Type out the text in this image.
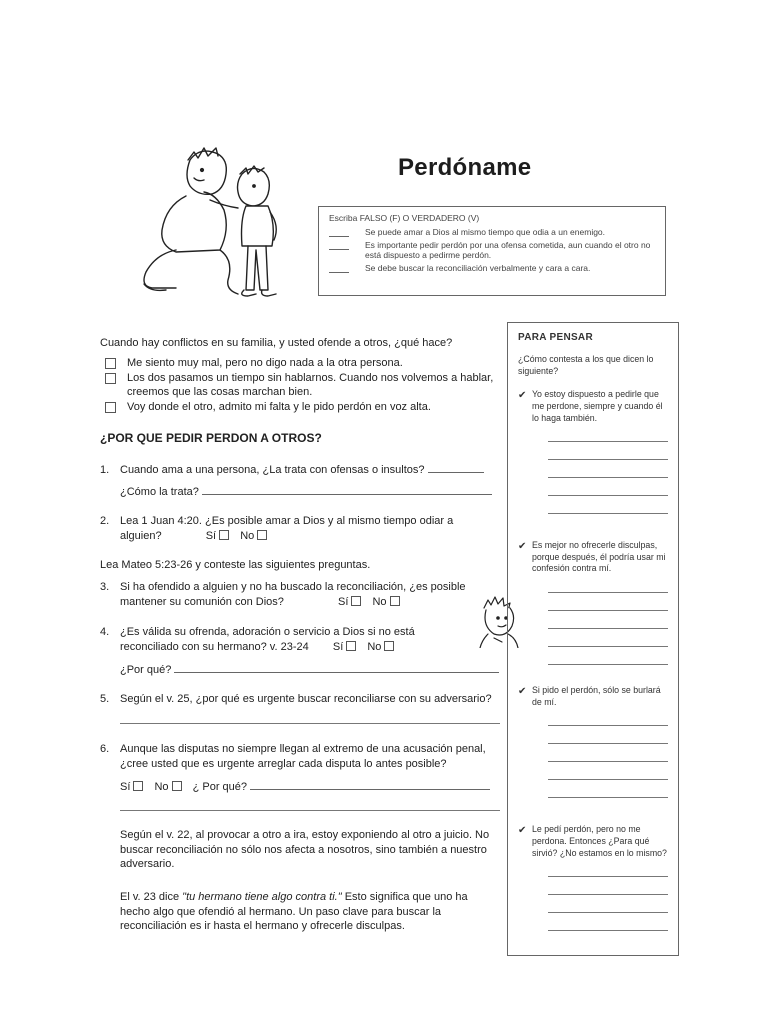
Perdóname
Escriba FALSO (F) O VERDADERO (V)
Se puede amar a Dios al mismo tiempo que odia a un enemigo.
Es importante pedir perdón por una ofensa cometida, aun cuando el otro no está dispuesto a pedirme perdón.
Se debe buscar la reconciliación verbalmente y cara a cara.
Cuando hay conflictos en su familia, y usted ofende a otros, ¿qué hace?
Me siento muy mal, pero no digo nada a la otra persona.
Los dos pasamos un tiempo sin hablarnos. Cuando nos volvemos a hablar, creemos que las cosas marchan bien.
Voy donde el otro, admito mi falta y le pido perdón en voz alta.
¿POR QUE PEDIR PERDON A OTROS?
1. Cuando ama a una persona, ¿La trata con ofensas o insultos?
¿Cómo la trata?
2. Lea 1 Juan 4:20. ¿Es posible amar a Dios y al mismo tiempo odiar a
alguien?	Sí No
Lea Mateo 5:23-26 y conteste las siguientes preguntas.
3. Si ha ofendido a alguien y no ha buscado la reconciliación, ¿es posible
mantener su comunión con Dios?	Sí No
4. ¿Es válida su ofrenda, adoración o servicio a Dios si no está
reconciliado con su hermano? v. 23-24 Sí No
¿Por qué?
5. Según el v. 25, ¿por qué es urgente buscar reconciliarse con su adversario?
6. Aunque las disputas no siempre llegan al extremo de una acusación penal,
¿cree usted que es urgente arreglar cada disputa lo antes posible?
Sí No ¿ Por qué?
Según el v. 22, al provocar a otro a ira, estoy exponiendo al otro a juicio. No buscar reconciliación no sólo nos afecta a nosotros, sino también a nuestro adversario.
El v. 23 dice "tu hermano tiene algo contra ti." Esto significa que uno ha hecho algo que ofendió al hermano. Un paso clave para buscar la reconciliación es ir hasta el hermano y ofrecerle disculpas.
PARA PENSAR
¿Cómo contesta a los que dicen lo siguiente?
✔ Yo estoy dispuesto a pedirle que me perdone, siempre y cuando él lo haga también.
✔ Es mejor no ofrecerle disculpas, porque después, él podría usar mi confesión contra mí.
✔ Si pido el perdón, sólo se burlará de mí.
✔ Le pedí perdón, pero no me perdona. Entonces ¿Para qué sirvió? ¿No estamos en lo mismo?
